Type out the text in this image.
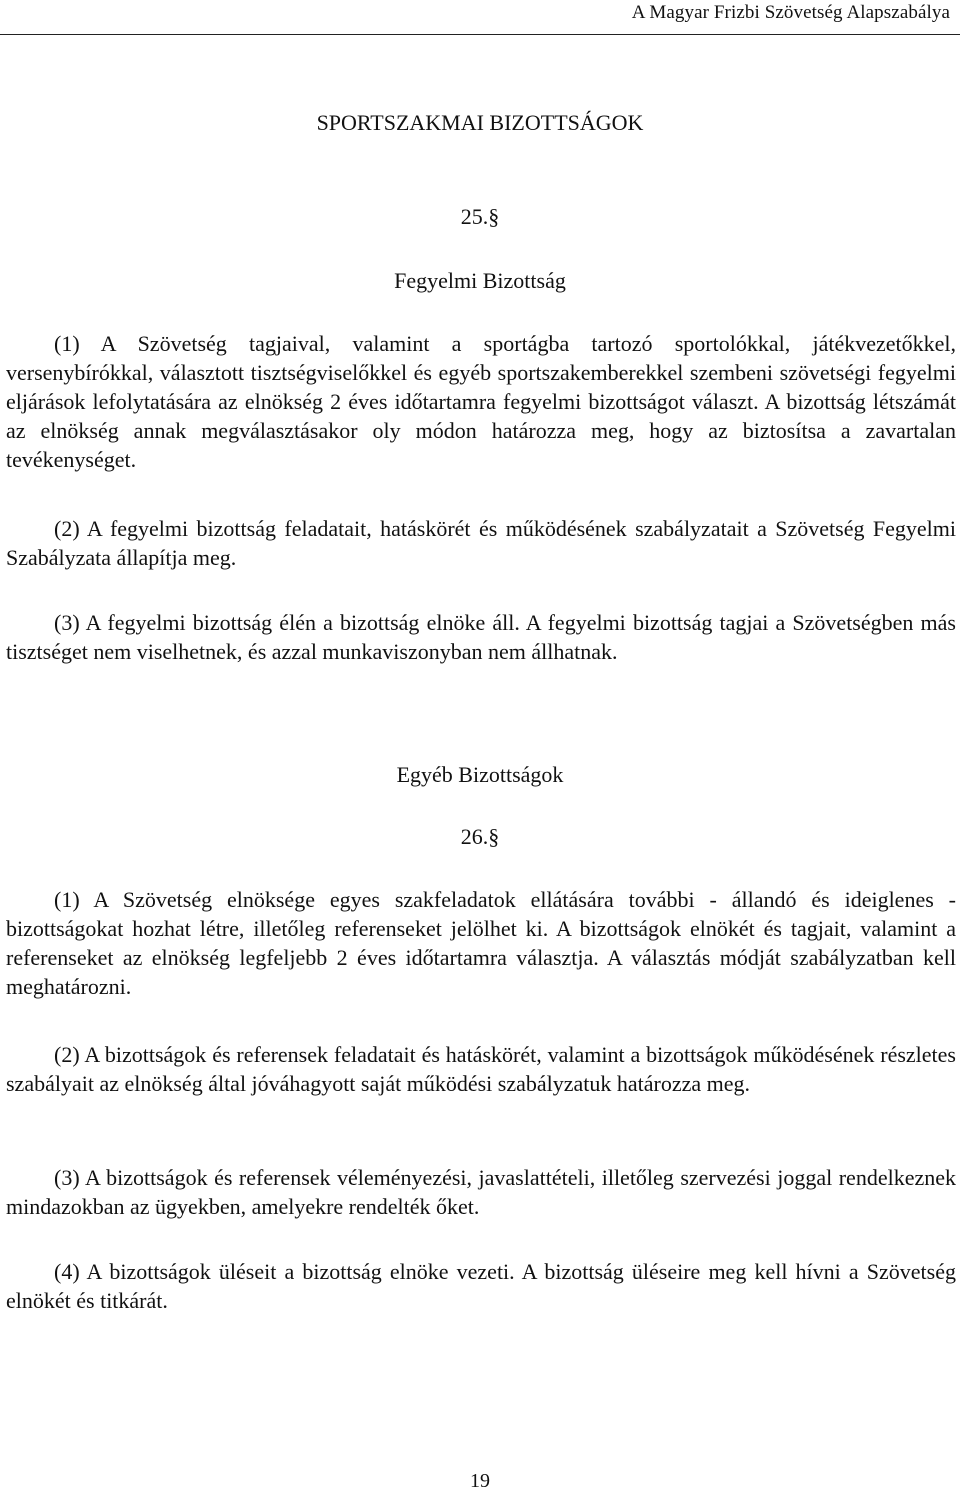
A Magyar Frizbi Szövetség Alapszabálya
SPORTSZAKMAI BIZOTTSÁGOK
25.§
Fegyelmi Bizottság

(1) A Szövetség tagjaival, valamint a sportágba tartozó sportolókkal, játékvezetőkkel, versenybírókkal, választott tisztségviselőkkel és egyéb sportszakemberekkel szembeni szövetségi fegyelmi eljárások lefolytatására az elnökség 2 éves időtartamra fegyelmi bizottságot választ. A bizottság létszámát az elnökség annak megválasztásakor oly módon határozza meg, hogy az biztosítsa a zavartalan tevékenységet.

(2) A fegyelmi bizottság feladatait, hatáskörét és működésének szabályzatait a Szövetség Fegyelmi Szabályzata állapítja meg.

(3) A fegyelmi bizottság élén a bizottság elnöke áll. A fegyelmi bizottság tagjai a Szövetségben más tisztséget nem viselhetnek, és azzal munkaviszonyban nem állhatnak.

Egyéb Bizottságok
26.§

(1) A Szövetség elnöksége egyes szakfeladatok ellátására további - állandó és ideiglenes - bizottságokat hozhat létre, illetőleg referenseket jelölhet ki. A bizottságok elnökét és tagjait, valamint a referenseket az elnökség legfeljebb 2 éves időtartamra választja. A választás módját szabályzatban kell meghatározni.

(2) A bizottságok és referensek feladatait és hatáskörét, valamint a bizottságok működésének részletes szabályait az elnökség által jóváhagyott saját működési szabályzatuk határozza meg.

(3) A bizottságok és referensek véleményezési, javaslattételi, illetőleg szervezési joggal rendelkeznek mindazokban az ügyekben, amelyekre rendelték őket.

(4) A bizottságok üléseit a bizottság elnöke vezeti. A bizottság üléseire meg kell hívni a Szövetség elnökét és titkárát.

19
